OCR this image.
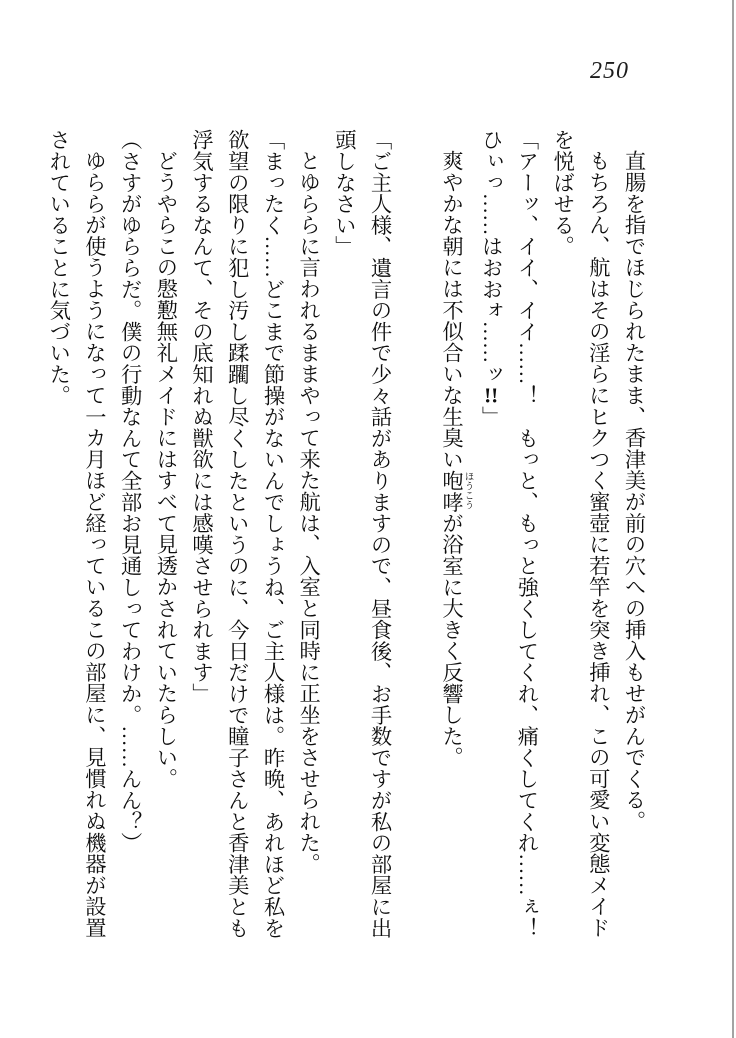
250

直腸を指でほじられたまま、香津美が前の穴への挿入もせがんでくる。

もちろん、航はその淫らにヒクつく蜜壺に若竿を突き挿れ、この可愛い変態メイドを悦ばせる。

「アーッ、イイ、イイ……！　もっと、もっと強くしてくれ、痛くしてくれ……ぇ！ひぃっ……はおおォ……ッ!!」

爽やかな朝には不似合いな生臭い咆哮 ほうこうが浴室に大きく反響した。

「ご主人様、遺言の件で少々話がありますので、昼食後、お手数ですが私の部屋に出頭しなさい」

とゆららに言われるままやって来た航は、入室と同時に正坐をさせられた。

「まったく……どこまで節操がないんでしょうね、ご主人様は。昨晩、あれほど私を欲望の限りに犯し汚し蹂躙し尽くしたというのに、今日だけで瞳子さんと香津美とも浮気するなんて、その底知れぬ獣欲には感嘆させられます」

どうやらこの慇懃無礼メイドにはすべて見透かされていたらしい。

（さすがゆららだ。僕の行動なんて全部お見通しってわけか。……んん？）

ゆららが使うようになって一カ月ほど経っているこの部屋に、見慣れぬ機器が設置されていることに気づいた。
